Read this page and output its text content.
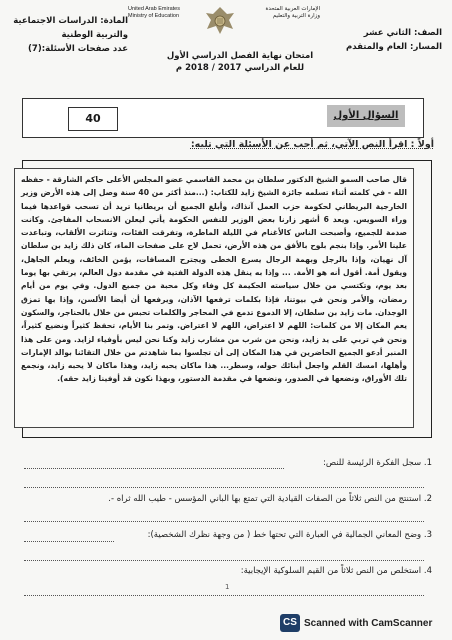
المادة: الدراسات الاجتماعية
والتربية الوطنية
عدد صفحات الأسئلة:(7)
United Arab Emirates
Ministry of Education
الإمارات العربية المتحدة
وزارة التربية والتعليم
الصف: الثاني عشر
المسار: العام والمتقدم
امتحان نهاية الفصل الدراسي الأول
للعام الدراسي 2017 / 2018 م
40	السؤال الأول
أولاً : اقرأ النص الآتي، ثم أجب عن الأسئلة التي تليه:

قال صاحب السمو الشيخ الدكتور سلطان بن محمد القاسمي عضو المجلس الأعلى حاكم الشارقة - حفظه الله - في كلمته أثناء تسلمه جائزة الشيخ زايد للكتاب: (...منذ أكثر من 40 سنة وصل إلى هذه الأرض وزير الخارجية البريطاني لحكومة حزب العمل آنذاك، وأبلغ الجميع أن بريطانيا تريد أن تسحب قواعدها فيما وراء السويس. ويعد 6 أشهر زارنا بعض الوزير للنفس الحكومة يأتي ليعلن الانسحاب المفاجئ. وكانت صدمة للجميع، وأصبحت الناس كالأغنام في الليلة الماطرة، وتفرقت الفئات، وتناثرت الألقاب، وتباعدت علينا الأمر. وإذا بنجم بلوح بالأفق من هذه الأرض، تحمل لاح على صفحات الماء، كان ذلك زايد بن سلطان آل نهيان، وإذا بالرجل وبهمة الرجال يسرع الخطى ويجترح المسافات، يؤمن الخائف، ويعلم الجاهل، ويقول أمة. أقول أنه هو الأمة. ... وإذا به ينقل هذه الدولة الفتية في مقدمة دول العالم، يرتقي بها يوما بعد يوم، وتكتسي من خلال سياسته الحكيمة كل وفاء وكل محبة من جميع الدول. وفي يوم من أيام رمضان، والأمر ونحن في بيوتنا، فإذا بكلمات ترفعها الآذان، ويرفعها أن أيضا الألسن، وإذا بها تمزق الوجدان. مات زايد بن سلطان، إلا الدموع تدمع في المحاجر والكلمات تحبس من خلال بالحناجر، والسكون يعم المكان إلا من كلمات: اللهم لا اعتراض، اللهم لا اعتراض. وتمر بنا الأيام، تحفظ كثيراً ونضيع كثيراً، ونحن في تربي على يد زايد، ونحن من شرب من مشارب زايد وكنا نحن ليس بأوفياء لزايد. ومن على هذا المنبر أدعو الجميع الحاضرين في هذا المكان إلى أن تجلسوا بما شاهدتم من خلال التقائنا بوالد الإمارات وأهلها، امسك القلم واجعل أبنائك حوله، وسطر... هذا ماكان يحبه زايد، وهذا ماكان لا يحبه زايد، ونجمع تلك الأوراق، ونضعها في الصدور، ونضعها في مقدمة الدستور، وبهذا نكون قد أوفينا زايد حقه).

1. سجل الفكرة الرئيسة للنص:
2. استنتج من النص ثلاثاً من الصفات القيادية التي تمتع بها الباني المؤسس - طيب الله ثراه -.
3. وضح المعاني الجمالية في العبارة التي تحتها خط ( من وجهة نظرك الشخصية):
4. استخلص من النص ثلاثاً من القيم السلوكية الإيجابية:
1
CS Scanned with CamScanner
